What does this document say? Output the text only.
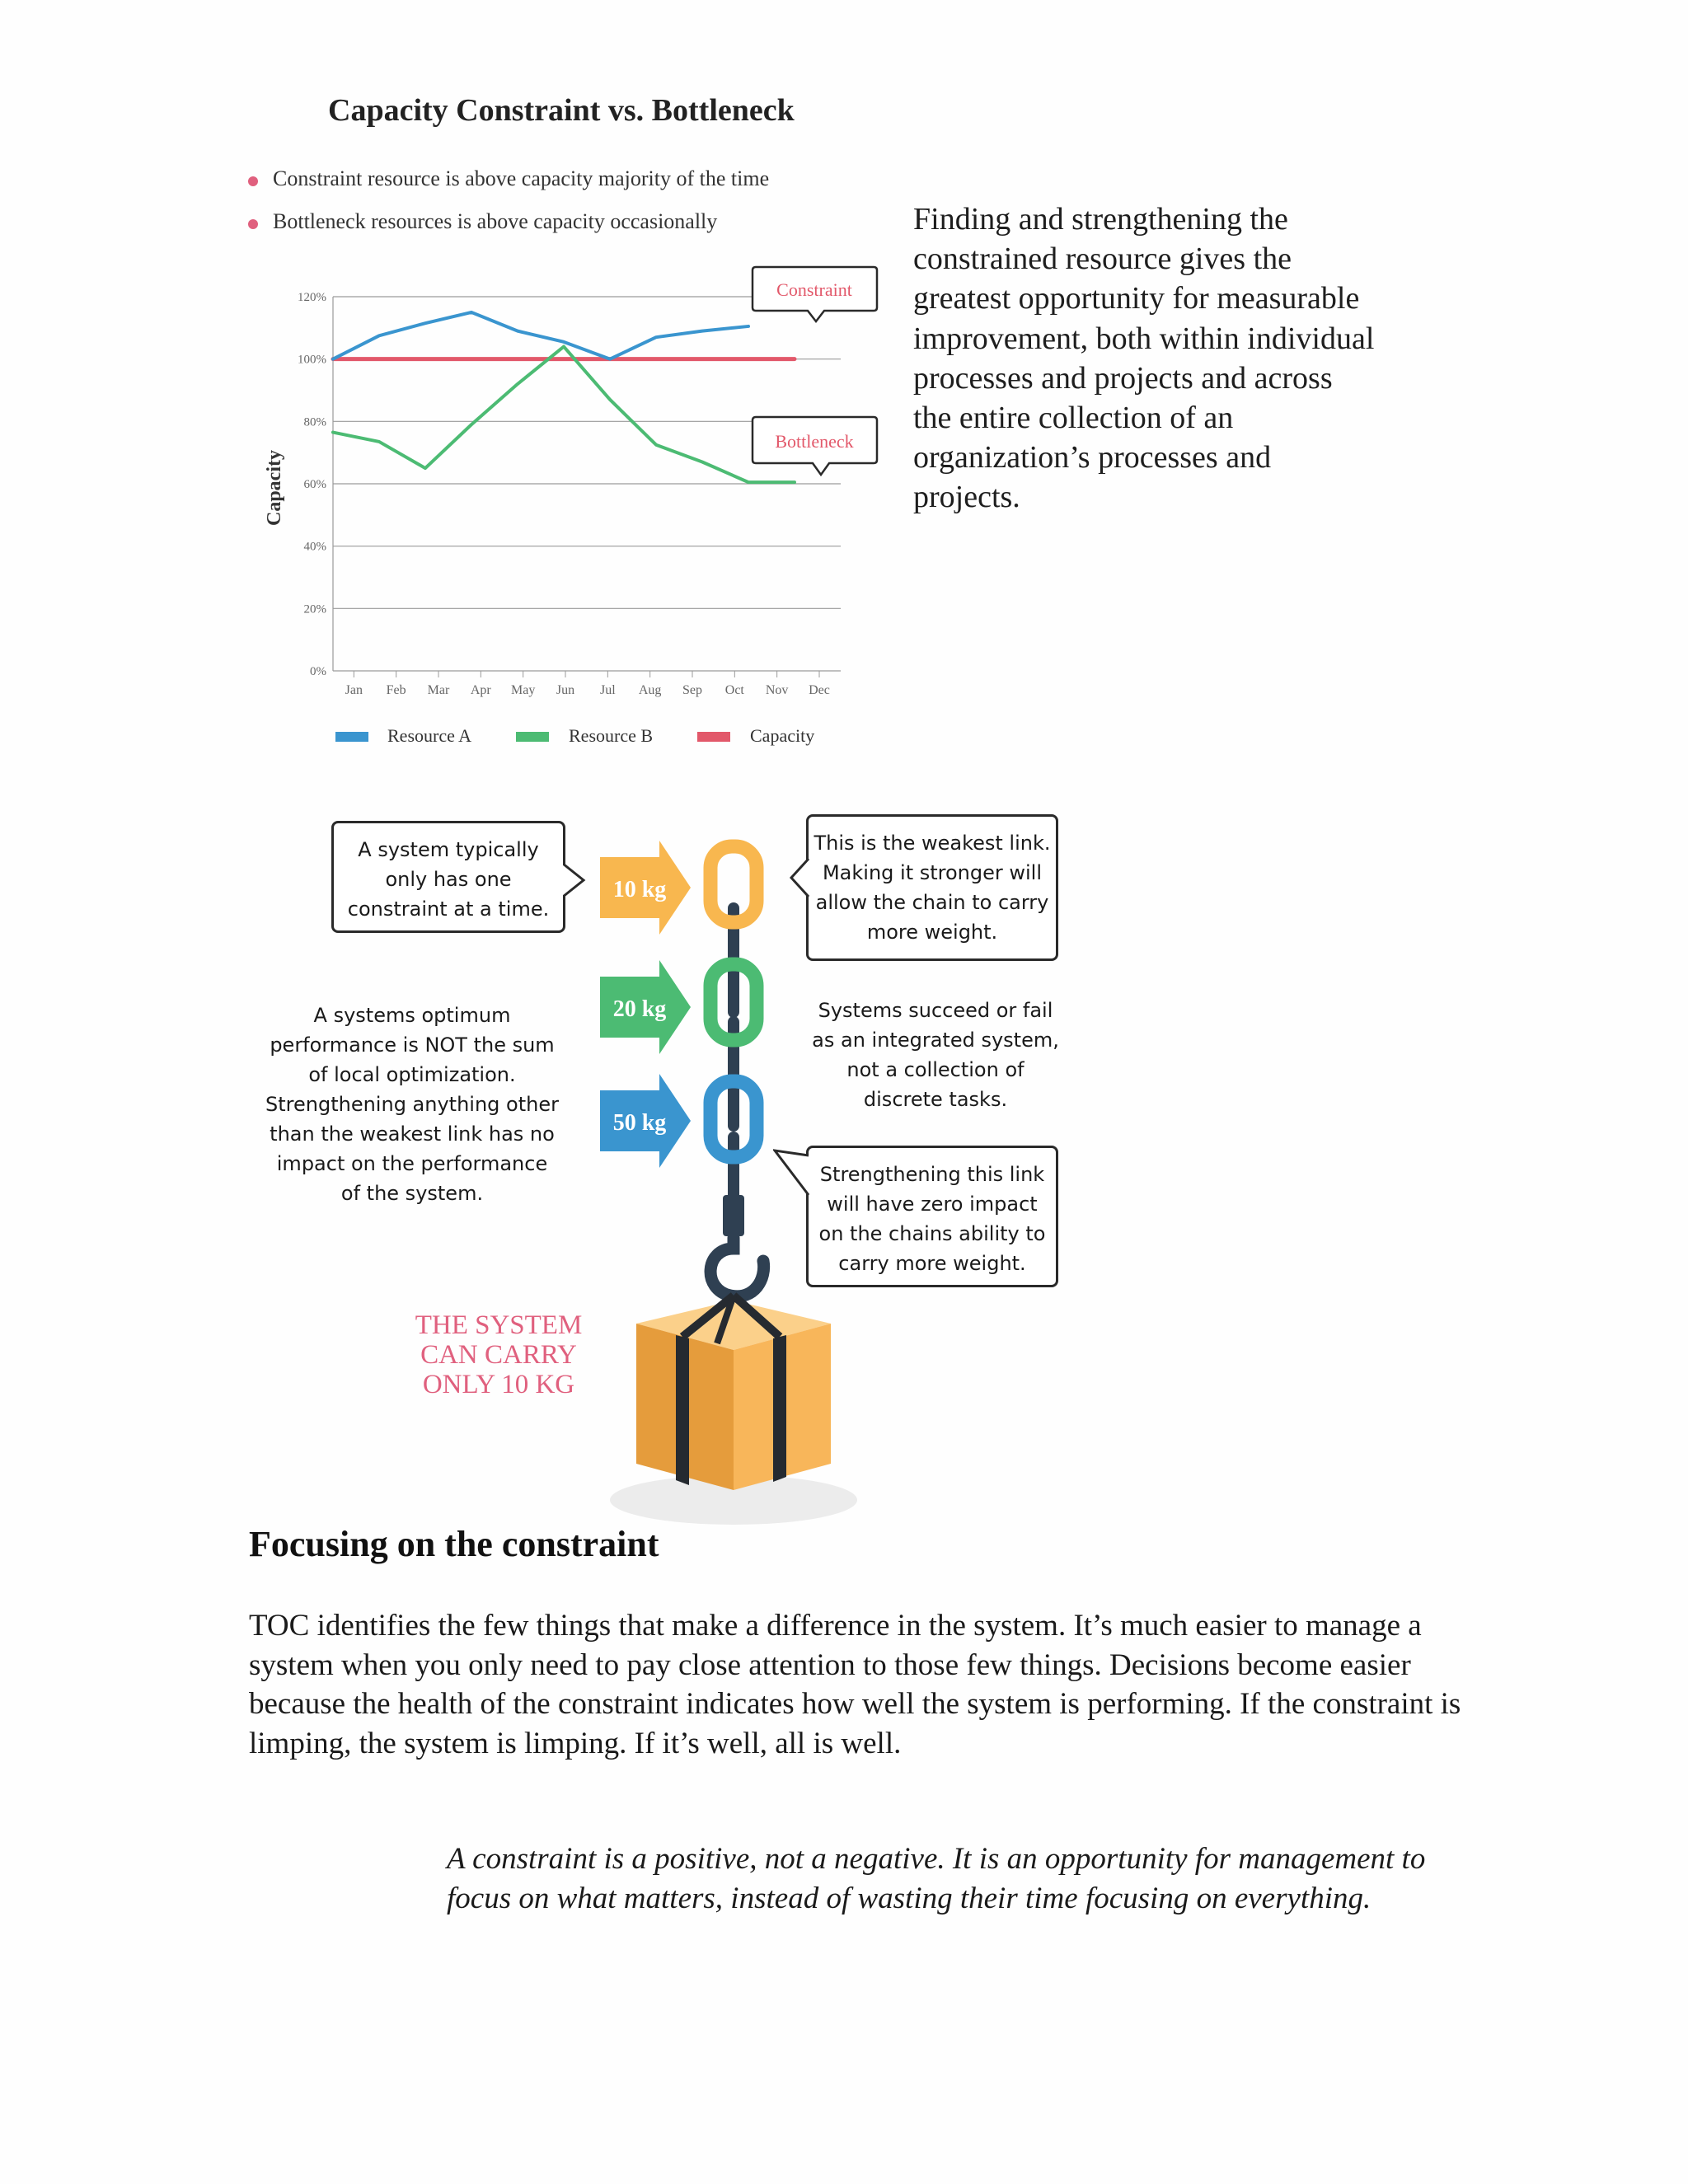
Capacity Constraint vs. Bottleneck
Constraint resource is above capacity majority of the time
Bottleneck resources is above capacity occasionally
0%
20%
40%
60%
80%
100%
120%
Jan Feb Mar Apr May Jun Jul Aug Sep Oct Nov Dec
Capacity
Constraint
Bottleneck
Resource A	Resource B	Capacity
Finding and strengthening the constrained resource gives the greatest opportunity for measurable improvement, both within individual processes and projects and across the entire collection of an organization’s processes and projects.
10 kg
20 kg
50 kg
A system typically only has one constraint at a time.
This is the weakest link. Making it stronger will allow the chain to carry more weight.
Systems succeed or fail as an integrated system, not a collection of discrete tasks.
A systems optimum performance is NOT the sum of local optimization. Strengthening anything other than the weakest link has no impact on the performance of the system.
Strengthening this link will have zero impact on the chains ability to carry more weight.
THE SYSTEM CAN CARRY ONLY 10 KG
Focusing on the constraint
TOC identifies the few things that make a difference in the system. It’s much easier to manage a system when you only need to pay close attention to those few things. Decisions become easier because the health of the constraint indicates how well the system is performing. If the constraint is limping, the system is limping. If it’s well, all is well.
A constraint is a positive, not a negative. It is an opportunity for management to focus on what matters, instead of wasting their time focusing on everything.
